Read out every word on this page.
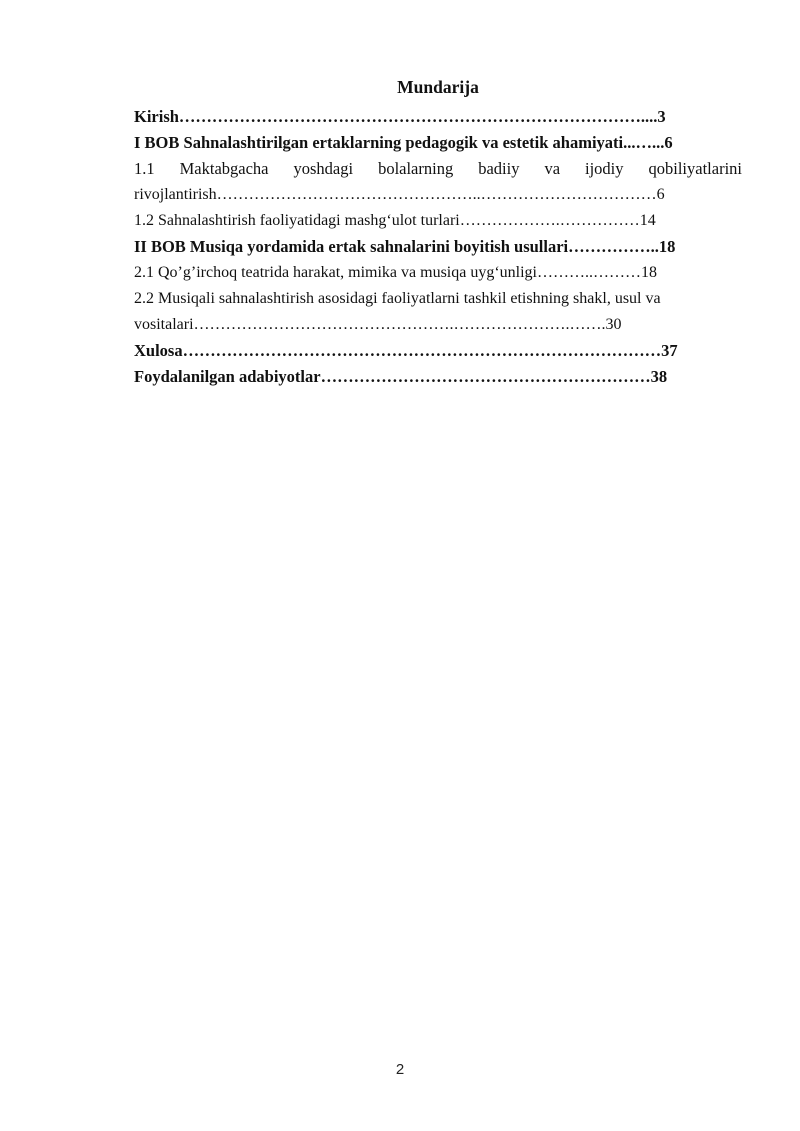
Mundarija
Kirish…………………………………………………………………………....3
I BOB Sahnalashtirilgan ertaklarning pedagogik va estetik ahamiyati...…...6
1.1 Maktabgacha yoshdagi bolalarning badiiy va ijodiy qobiliyatlarini
rivojlantirish…………………………………………..……………………………6
1.2 Sahnalashtirish faoliyatidagi mashg‘ulot turlari……………….……………14
II BOB Musiqa yordamida ertak sahnalarini boyitish usullari……………..18
2.1 Qo’g’irchoq teatrida harakat, mimika va musiqa uyg‘unligi………..………18
2.2 Musiqali sahnalashtirish asosidagi faoliyatlarni tashkil etishning shakl, usul va
vositalari………………………………………….………………….…….30
Xulosa……………………………………………………………………………37
Foydalanilgan adabiyotlar……………………………………………………38
2
